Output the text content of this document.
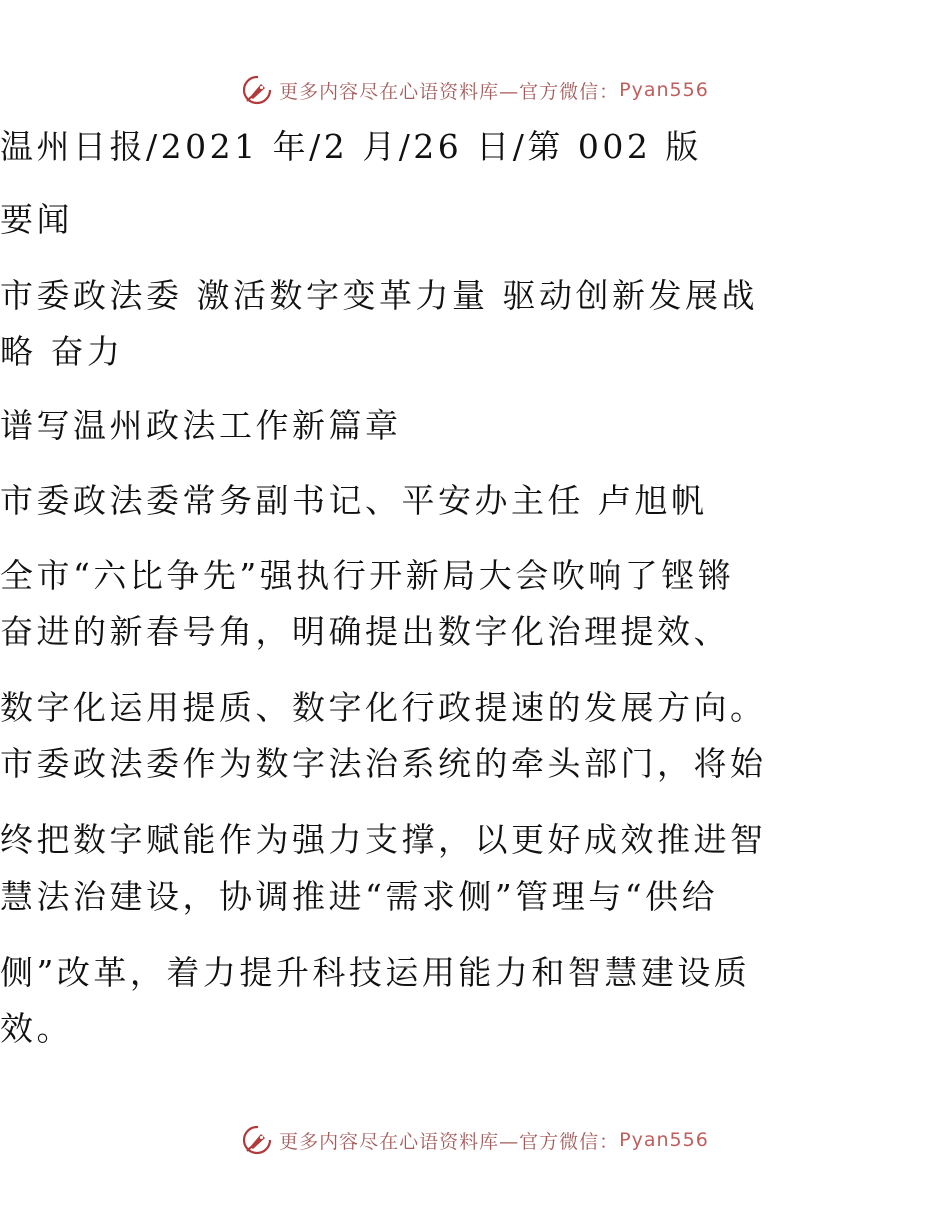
更多内容尽在心语资料库—官方微信： Pyan556
温州日报/2021 年/2 月/26 日/第 002 版
要闻
市委政法委 激活数字变革力量 驱动创新发展战
略 奋力
谱写温州政法工作新篇章
市委政法委常务副书记、平安办主任 卢旭帆
全市“六比争先”强执行开新局大会吹响了铿锵
奋进的新春号角，明确提出数字化治理提效、
数字化运用提质、数字化行政提速的发展方向。
市委政法委作为数字法治系统的牵头部门，将始
终把数字赋能作为强力支撑，以更好成效推进智
慧法治建设，协调推进“需求侧”管理与“供给
侧”改革，着力提升科技运用能力和智慧建设质
效。
更多内容尽在心语资料库—官方微信： Pyan556
